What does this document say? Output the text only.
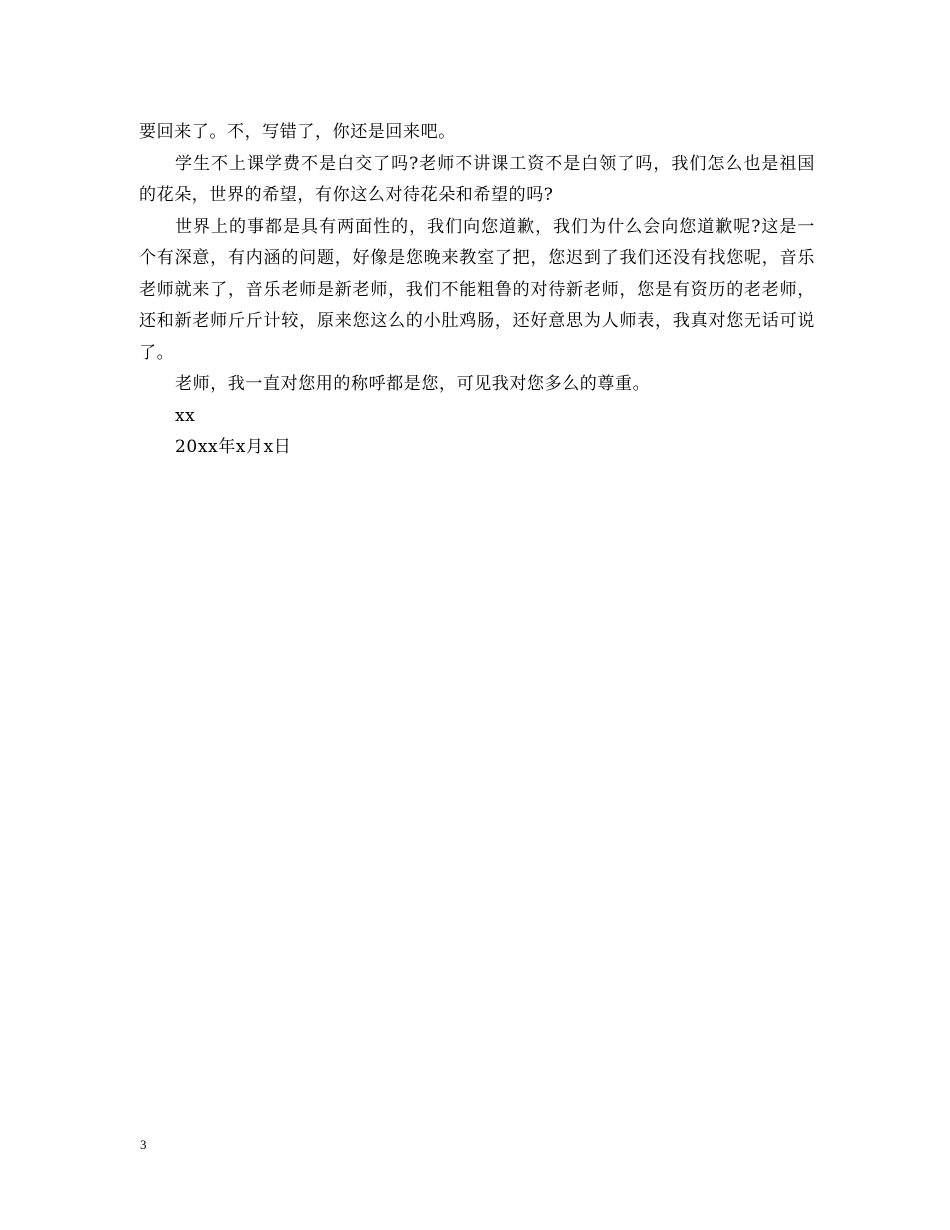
要回来了。不，写错了，你还是回来吧。

学生不上课学费不是白交了吗?老师不讲课工资不是白领了吗，我们怎么也是祖国的花朵，世界的希望，有你这么对待花朵和希望的吗?

世界上的事都是具有两面性的，我们向您道歉，我们为什么会向您道歉呢?这是一个有深意，有内涵的问题，好像是您晚来教室了把，您迟到了我们还没有找您呢，音乐老师就来了，音乐老师是新老师，我们不能粗鲁的对待新老师，您是有资历的老老师，还和新老师斤斤计较，原来您这么的小肚鸡肠，还好意思为人师表，我真对您无话可说了。

老师，我一直对您用的称呼都是您，可见我对您多么的尊重。

xx

20xx年x月x日

3
